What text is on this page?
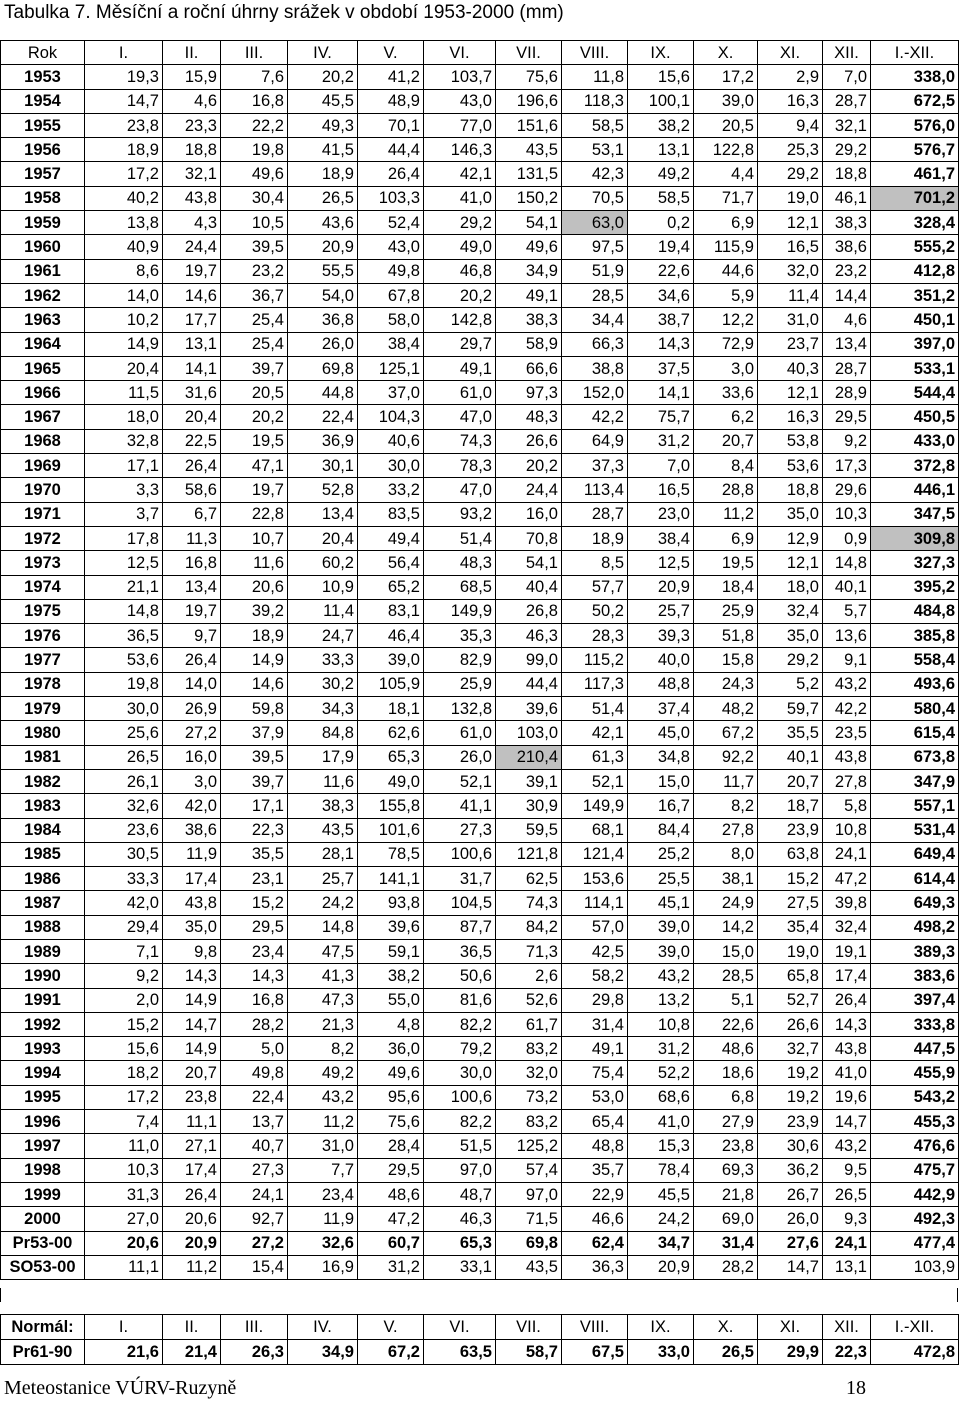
Tabulka 7. Měsíční a roční úhrny srážek v období 1953-2000 (mm)
Rok	I.	II.	III.	IV.	V.	VI.	VII.	VIII.	IX.	X.	XI.	XII.	I.-XII.
1953	19,3	15,9	7,6	20,2	41,2	103,7	75,6	11,8	15,6	17,2	2,9	7,0	338,0
1954	14,7	4,6	16,8	45,5	48,9	43,0	196,6	118,3	100,1	39,0	16,3	28,7	672,5
1955	23,8	23,3	22,2	49,3	70,1	77,0	151,6	58,5	38,2	20,5	9,4	32,1	576,0
1956	18,9	18,8	19,8	41,5	44,4	146,3	43,5	53,1	13,1	122,8	25,3	29,2	576,7
1957	17,2	32,1	49,6	18,9	26,4	42,1	131,5	42,3	49,2	4,4	29,2	18,8	461,7
1958	40,2	43,8	30,4	26,5	103,3	41,0	150,2	70,5	58,5	71,7	19,0	46,1	701,2
1959	13,8	4,3	10,5	43,6	52,4	29,2	54,1	63,0	0,2	6,9	12,1	38,3	328,4
1960	40,9	24,4	39,5	20,9	43,0	49,0	49,6	97,5	19,4	115,9	16,5	38,6	555,2
1961	8,6	19,7	23,2	55,5	49,8	46,8	34,9	51,9	22,6	44,6	32,0	23,2	412,8
1962	14,0	14,6	36,7	54,0	67,8	20,2	49,1	28,5	34,6	5,9	11,4	14,4	351,2
1963	10,2	17,7	25,4	36,8	58,0	142,8	38,3	34,4	38,7	12,2	31,0	4,6	450,1
1964	14,9	13,1	25,4	26,0	38,4	29,7	58,9	66,3	14,3	72,9	23,7	13,4	397,0
1965	20,4	14,1	39,7	69,8	125,1	49,1	66,6	38,8	37,5	3,0	40,3	28,7	533,1
1966	11,5	31,6	20,5	44,8	37,0	61,0	97,3	152,0	14,1	33,6	12,1	28,9	544,4
1967	18,0	20,4	20,2	22,4	104,3	47,0	48,3	42,2	75,7	6,2	16,3	29,5	450,5
1968	32,8	22,5	19,5	36,9	40,6	74,3	26,6	64,9	31,2	20,7	53,8	9,2	433,0
1969	17,1	26,4	47,1	30,1	30,0	78,3	20,2	37,3	7,0	8,4	53,6	17,3	372,8
1970	3,3	58,6	19,7	52,8	33,2	47,0	24,4	113,4	16,5	28,8	18,8	29,6	446,1
1971	3,7	6,7	22,8	13,4	83,5	93,2	16,0	28,7	23,0	11,2	35,0	10,3	347,5
1972	17,8	11,3	10,7	20,4	49,4	51,4	70,8	18,9	38,4	6,9	12,9	0,9	309,8
1973	12,5	16,8	11,6	60,2	56,4	48,3	54,1	8,5	12,5	19,5	12,1	14,8	327,3
1974	21,1	13,4	20,6	10,9	65,2	68,5	40,4	57,7	20,9	18,4	18,0	40,1	395,2
1975	14,8	19,7	39,2	11,4	83,1	149,9	26,8	50,2	25,7	25,9	32,4	5,7	484,8
1976	36,5	9,7	18,9	24,7	46,4	35,3	46,3	28,3	39,3	51,8	35,0	13,6	385,8
1977	53,6	26,4	14,9	33,3	39,0	82,9	99,0	115,2	40,0	15,8	29,2	9,1	558,4
1978	19,8	14,0	14,6	30,2	105,9	25,9	44,4	117,3	48,8	24,3	5,2	43,2	493,6
1979	30,0	26,9	59,8	34,3	18,1	132,8	39,6	51,4	37,4	48,2	59,7	42,2	580,4
1980	25,6	27,2	37,9	84,8	62,6	61,0	103,0	42,1	45,0	67,2	35,5	23,5	615,4
1981	26,5	16,0	39,5	17,9	65,3	26,0	210,4	61,3	34,8	92,2	40,1	43,8	673,8
1982	26,1	3,0	39,7	11,6	49,0	52,1	39,1	52,1	15,0	11,7	20,7	27,8	347,9
1983	32,6	42,0	17,1	38,3	155,8	41,1	30,9	149,9	16,7	8,2	18,7	5,8	557,1
1984	23,6	38,6	22,3	43,5	101,6	27,3	59,5	68,1	84,4	27,8	23,9	10,8	531,4
1985	30,5	11,9	35,5	28,1	78,5	100,6	121,8	121,4	25,2	8,0	63,8	24,1	649,4
1986	33,3	17,4	23,1	25,7	141,1	31,7	62,5	153,6	25,5	38,1	15,2	47,2	614,4
1987	42,0	43,8	15,2	24,2	93,8	104,5	74,3	114,1	45,1	24,9	27,5	39,8	649,3
1988	29,4	35,0	29,5	14,8	39,6	87,7	84,2	57,0	39,0	14,2	35,4	32,4	498,2
1989	7,1	9,8	23,4	47,5	59,1	36,5	71,3	42,5	39,0	15,0	19,0	19,1	389,3
1990	9,2	14,3	14,3	41,3	38,2	50,6	2,6	58,2	43,2	28,5	65,8	17,4	383,6
1991	2,0	14,9	16,8	47,3	55,0	81,6	52,6	29,8	13,2	5,1	52,7	26,4	397,4
1992	15,2	14,7	28,2	21,3	4,8	82,2	61,7	31,4	10,8	22,6	26,6	14,3	333,8
1993	15,6	14,9	5,0	8,2	36,0	79,2	83,2	49,1	31,2	48,6	32,7	43,8	447,5
1994	18,2	20,7	49,8	49,2	49,6	30,0	32,0	75,4	52,2	18,6	19,2	41,0	455,9
1995	17,2	23,8	22,4	43,2	95,6	100,6	73,2	53,0	68,6	6,8	19,2	19,6	543,2
1996	7,4	11,1	13,7	11,2	75,6	82,2	83,2	65,4	41,0	27,9	23,9	14,7	455,3
1997	11,0	27,1	40,7	31,0	28,4	51,5	125,2	48,8	15,3	23,8	30,6	43,2	476,6
1998	10,3	17,4	27,3	7,7	29,5	97,0	57,4	35,7	78,4	69,3	36,2	9,5	475,7
1999	31,3	26,4	24,1	23,4	48,6	48,7	97,0	22,9	45,5	21,8	26,7	26,5	442,9
2000	27,0	20,6	92,7	11,9	47,2	46,3	71,5	46,6	24,2	69,0	26,0	9,3	492,3
Pr53-00	20,6	20,9	27,2	32,6	60,7	65,3	69,8	62,4	34,7	31,4	27,6	24,1	477,4
SO53-00	11,1	11,2	15,4	16,9	31,2	33,1	43,5	36,3	20,9	28,2	14,7	13,1	103,9
Normál:	I.	II.	III.	IV.	V.	VI.	VII.	VIII.	IX.	X.	XI.	XII.	I.-XII.
Pr61-90	21,6	21,4	26,3	34,9	67,2	63,5	58,7	67,5	33,0	26,5	29,9	22,3	472,8
Meteostanice VÚRV-Ruzyně	18
